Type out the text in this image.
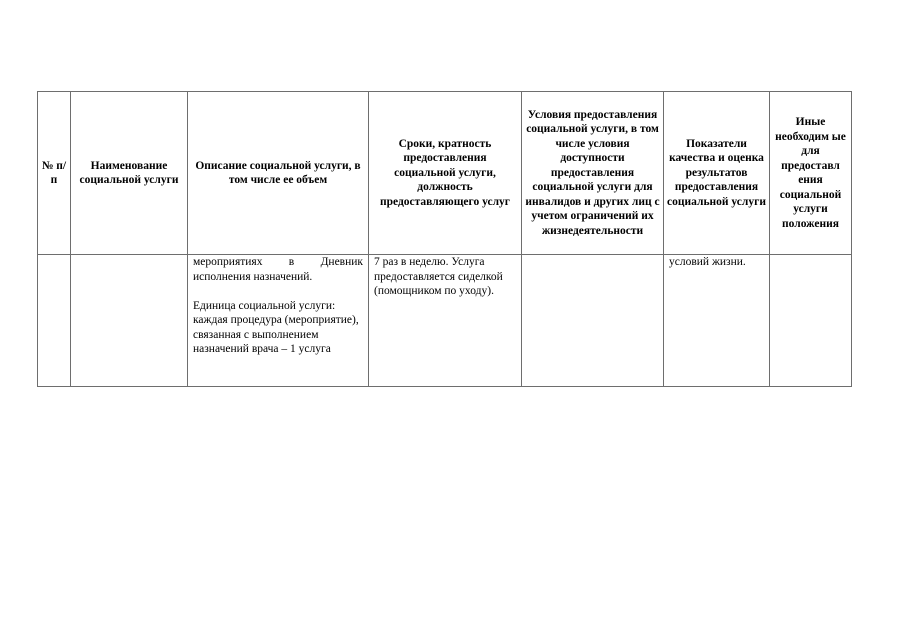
№ п/п	Наименование социальной услуги	Описание социальной услуги, в том числе ее объем	Сроки, кратность предоставления социальной услуги, должность предоставляющего услуг	Условия предоставления социальной услуги, в том числе условия доступности предоставления социальной услуги для инвалидов и других лиц с учетом ограничений их жизнедеятельности	Показатели качества и оценка результатов предоставления социальной услуги	Иные необходим ые для предоставл ения социальной услуги положения

		мероприятиях в Дневник
исполнения назначений.
Единица социальной услуги: каждая процедура (мероприятие), связанная с выполнением назначений врача – 1 услуга	7 раз в неделю. Услуга предоставляется сиделкой (помощником по уходу).		условий жизни.	
